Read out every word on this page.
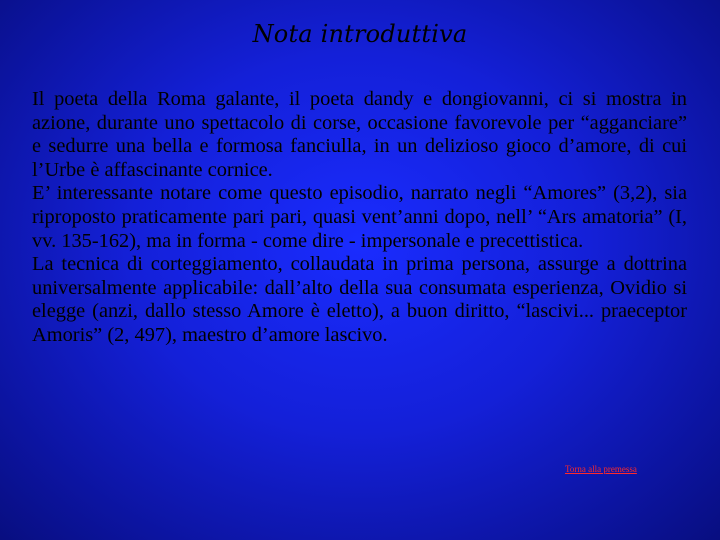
Nota introduttiva

Il poeta della Roma galante, il poeta dandy e dongiovanni, ci si mostra in azione, durante uno spettacolo di corse, occasione favorevole per “agganciare” e sedurre una bella e formosa fanciulla, in un delizioso gioco d’amore, di cui l’Urbe è affascinante cornice.

E’ interessante notare come questo episodio, narrato negli “Amores” (3,2), sia riproposto praticamente pari pari, quasi vent’anni dopo, nell’ “Ars amatoria” (I, vv. 135-162), ma in forma - come dire - impersonale e precettistica.

La tecnica di corteggiamento, collaudata in prima persona, assurge a dottrina universalmente applicabile: dall’alto della sua consumata esperienza, Ovidio si elegge (anzi, dallo stesso Amore è eletto), a buon diritto, “lascivi... praeceptor Amoris” (2, 497), maestro d’amore lascivo.

Torna alla premessa
